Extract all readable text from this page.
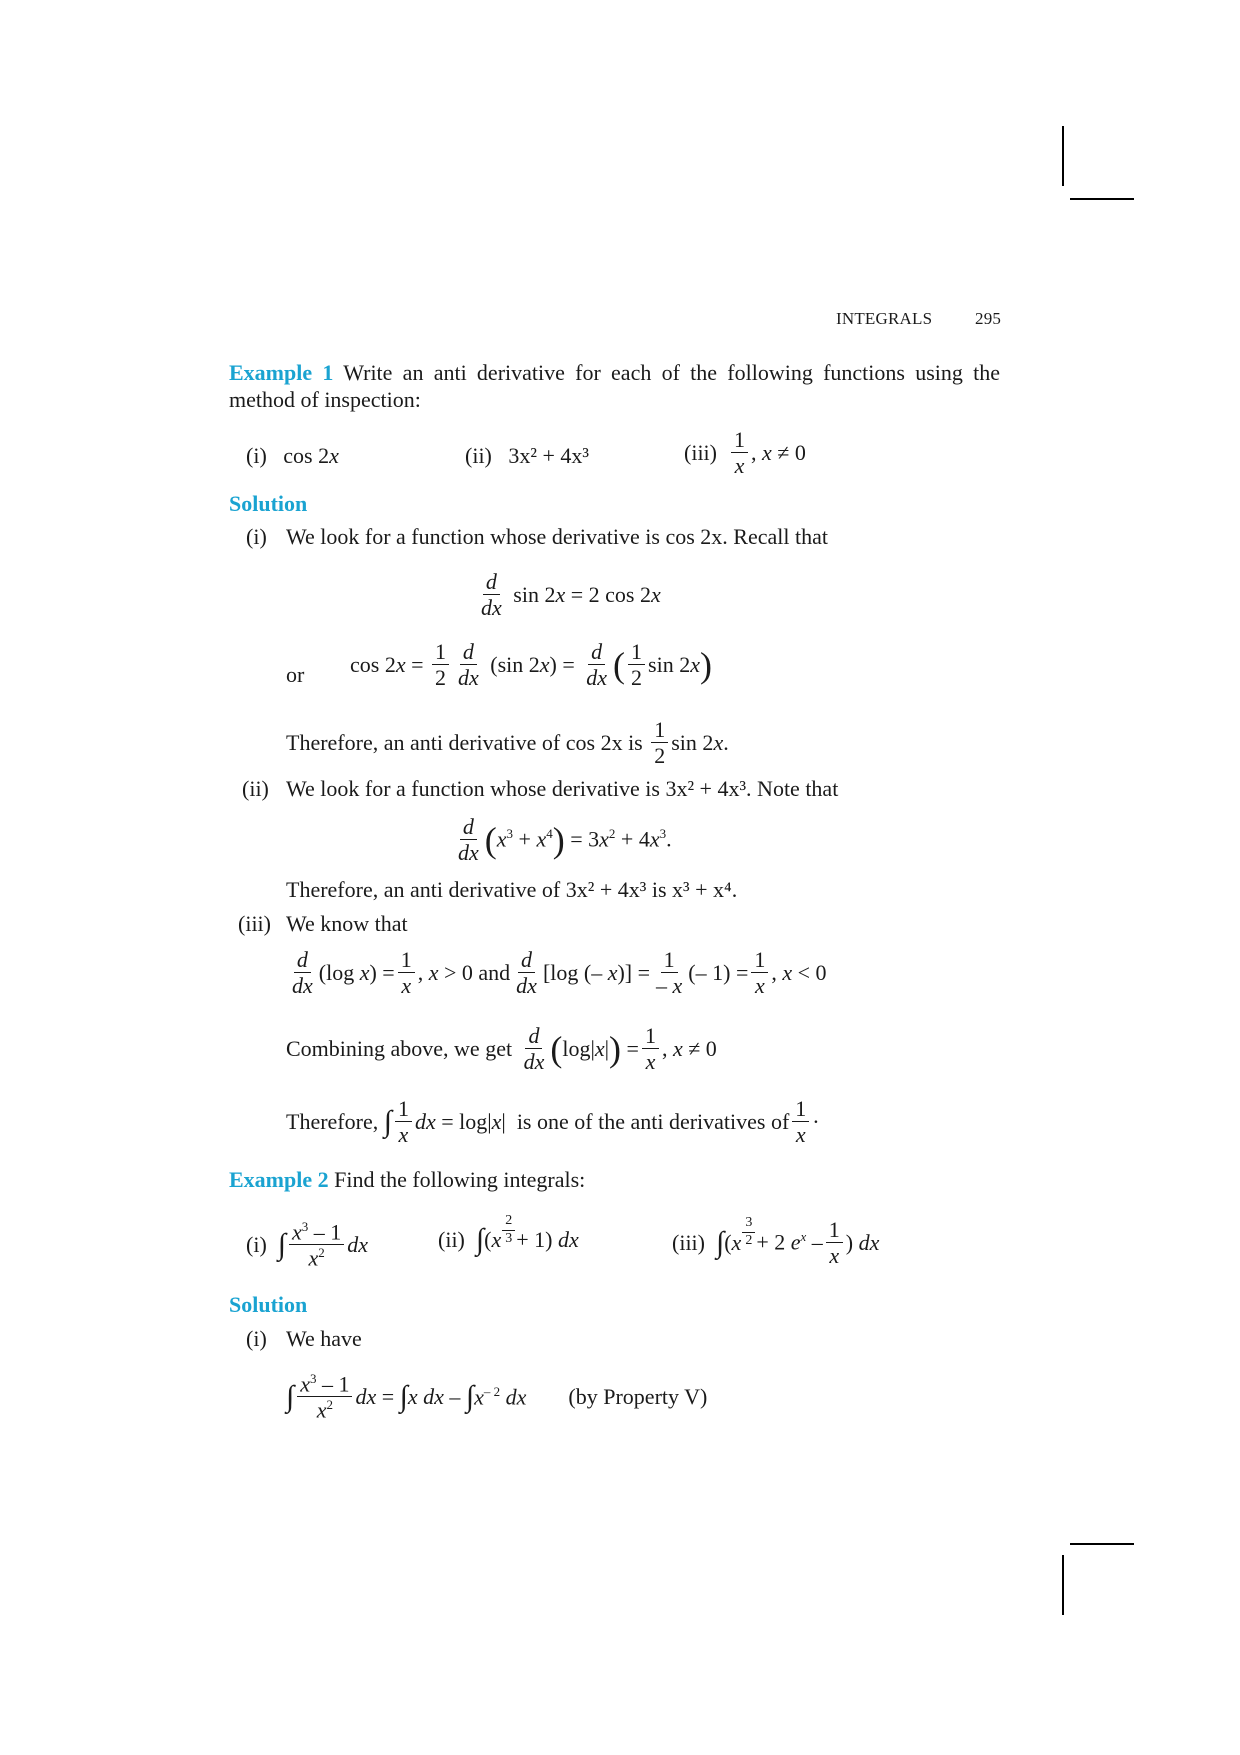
INTEGRALS	295
Example 1 Write an anti derivative for each of the following functions using the
method of inspection:
(i) cos 2x	(ii) 3x² + 4x³	(iii)

1
x
, x ≠ 0
Solution
(i) We look for a function whose derivative is cos 2x. Recall that
d
dx
sin 2x = 2 cos 2x
or $\cos 2x = \frac{1}{2}$ d
dx
(sin $2x) = \frac{d}{dx}$ ( 1
2
sin 2x )
Therefore, an anti derivative of cos 2x is

1
2
sin 2x.
(ii) We look for a function whose derivative is 3x² + 4x³. Note that
d
dx ( $x^3 + x^4$ ) = $3x^2 + 4x^3$.
Therefore, an anti derivative of 3x² + 4x³ is x³ + x⁴.
(iii) We know that
d
dx
(log $x) = \frac{1}{x}$ , x > 0 and
d
dx
[log (– $x)] = \frac{1}{- x}$ (– $1) = \frac{1}{x}$ , x < 0
Combining above, we get

d
dx ( log|x| ) = $\frac{1}{x}$ , x ≠ 0
Therefore,
∫ 1
x
dx = log|x| is one of the anti derivatives of
1
x
·
Example 2 Find the following integrals:
(i)
∫ $x^3 - 1$
$x^2$ dx	(ii)
∫ (x
2
3 + 1) dx	(iii)
∫ (x
3
2 + 2 $e^x$ –
1
x
) dx
Solution
(i) We have
∫ $x^3 - 1$
$x^2$ dx = ∫ x dx – ∫ $x^{- 2}$ dx (by Property V)
